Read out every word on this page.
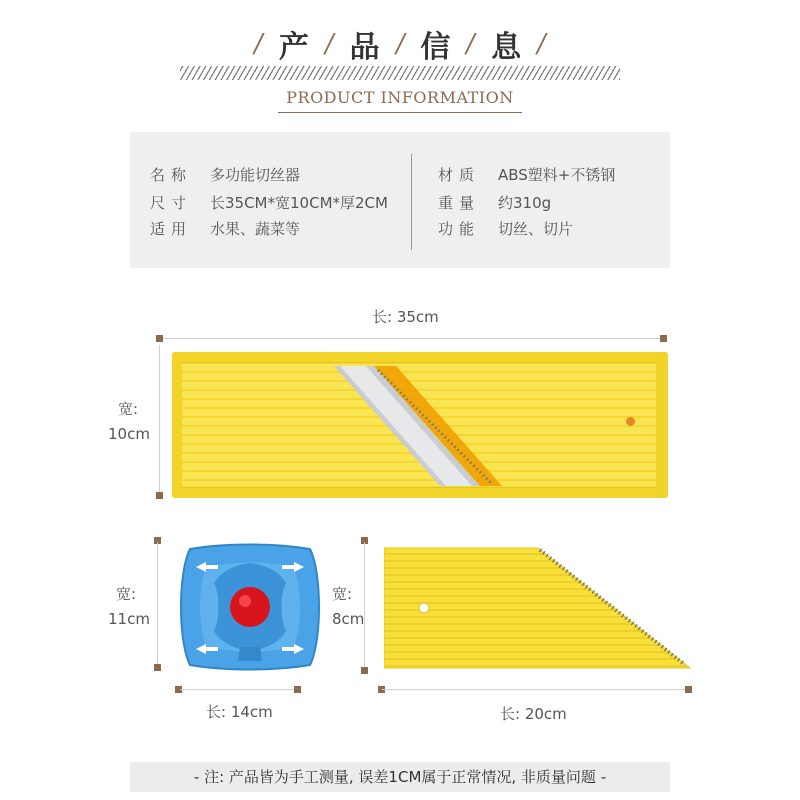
/ 产 / 品 / 信 / 息 /
PRODUCT INFORMATION
名称 多功能切丝器
尺寸 长35CM*宽10CM*厚2CM
适用 水果、蔬菜等
材质 ABS塑料+不锈钢
重量 约310g
功能 切丝、切片
长: 35cm
宽:
10cm
宽:
11cm
长: 14cm
宽:
8cm
长: 20cm
- 注: 产品皆为手工测量, 误差1CM属于正常情况, 非质量问题 -
